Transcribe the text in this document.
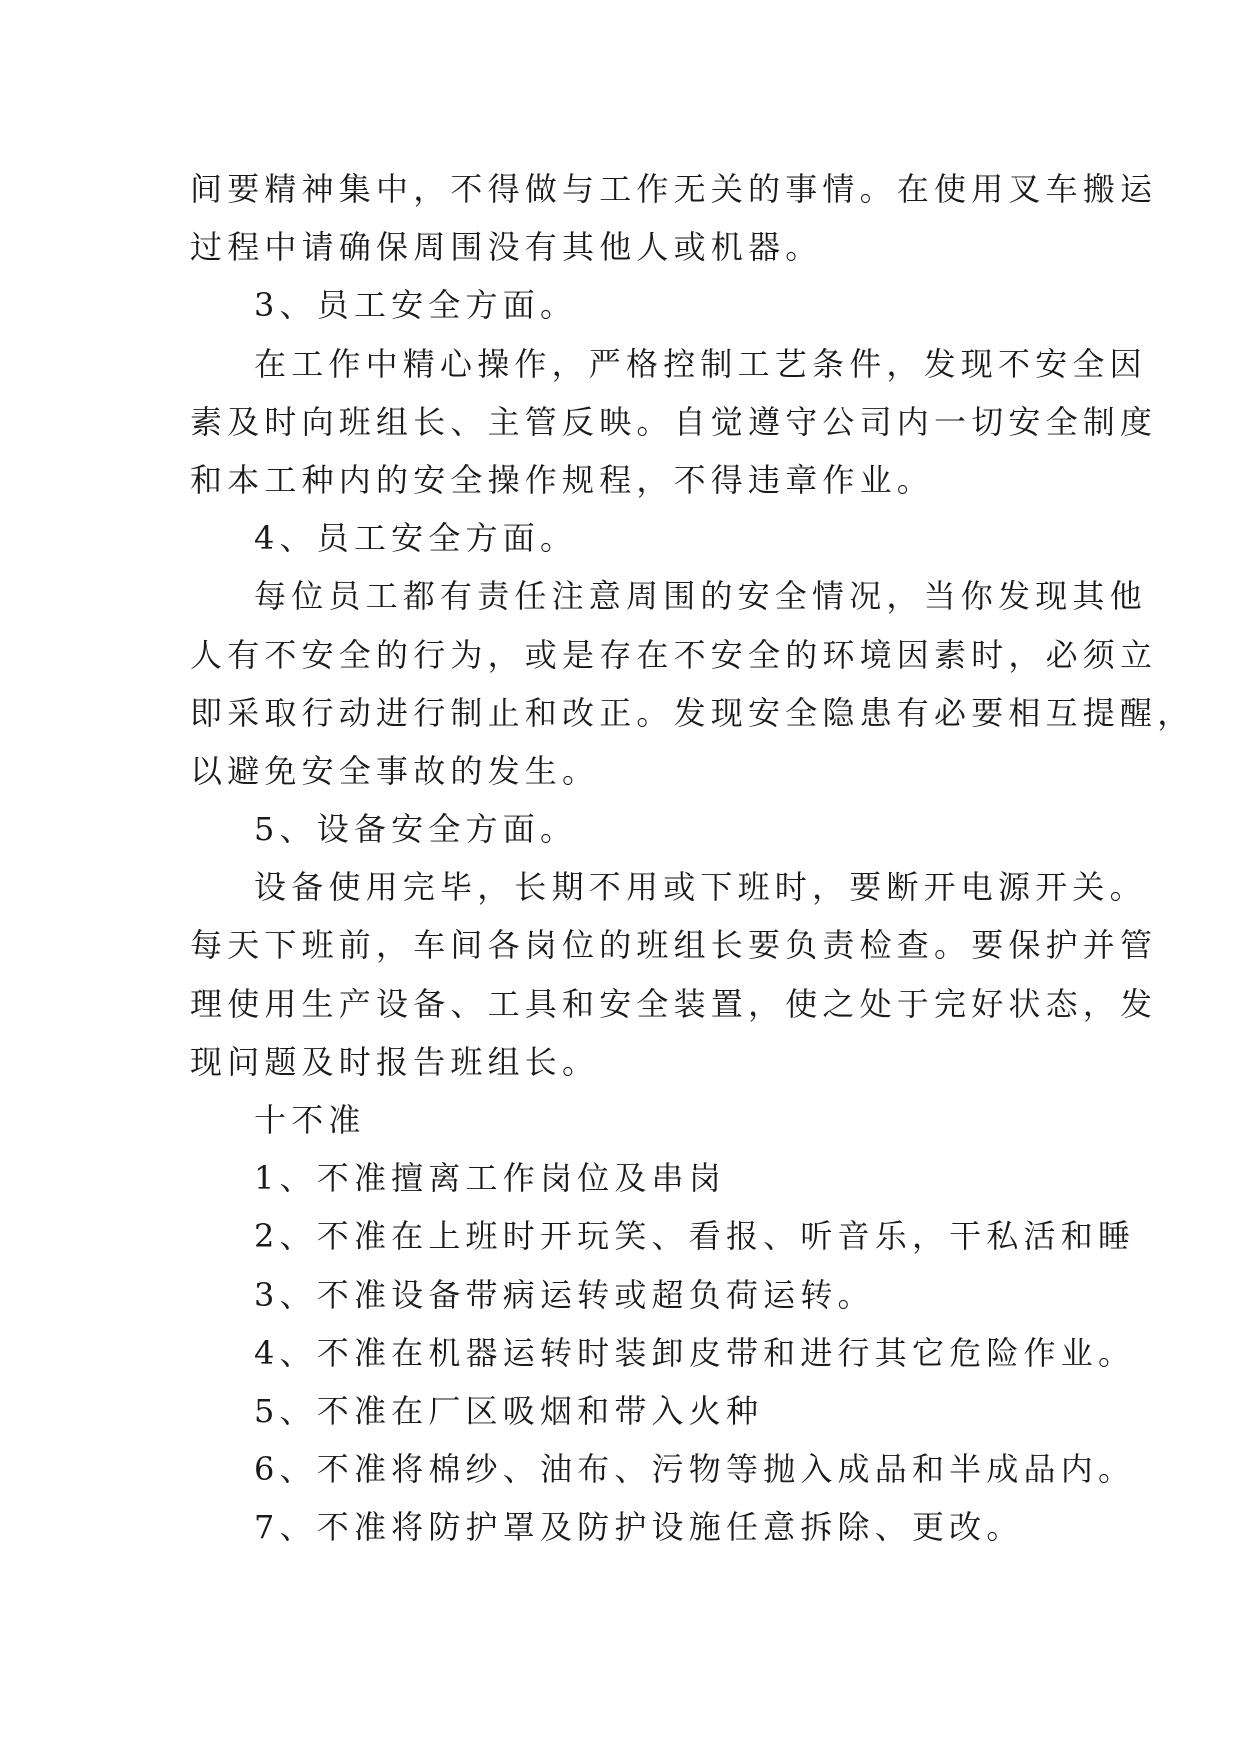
间要精神集中，不得做与工作无关的事情。在使用叉车搬运
过程中请确保周围没有其他人或机器。
3、员工安全方面。
在工作中精心操作，严格控制工艺条件，发现不安全因
素及时向班组长、主管反映。自觉遵守公司内一切安全制度
和本工种内的安全操作规程，不得违章作业。
4、员工安全方面。
每位员工都有责任注意周围的安全情况，当你发现其他
人有不安全的行为，或是存在不安全的环境因素时，必须立
即采取行动进行制止和改正。发现安全隐患有必要相互提醒，
以避免安全事故的发生。
5、设备安全方面。
设备使用完毕，长期不用或下班时，要断开电源开关。
每天下班前，车间各岗位的班组长要负责检查。要保护并管
理使用生产设备、工具和安全装置，使之处于完好状态，发
现问题及时报告班组长。
十不准
1、不准擅离工作岗位及串岗
2、不准在上班时开玩笑、看报、听音乐，干私活和睡
3、不准设备带病运转或超负荷运转。
4、不准在机器运转时装卸皮带和进行其它危险作业。
5、不准在厂区吸烟和带入火种
6、不准将棉纱、油布、污物等抛入成品和半成品内。
7、不准将防护罩及防护设施任意拆除、更改。
